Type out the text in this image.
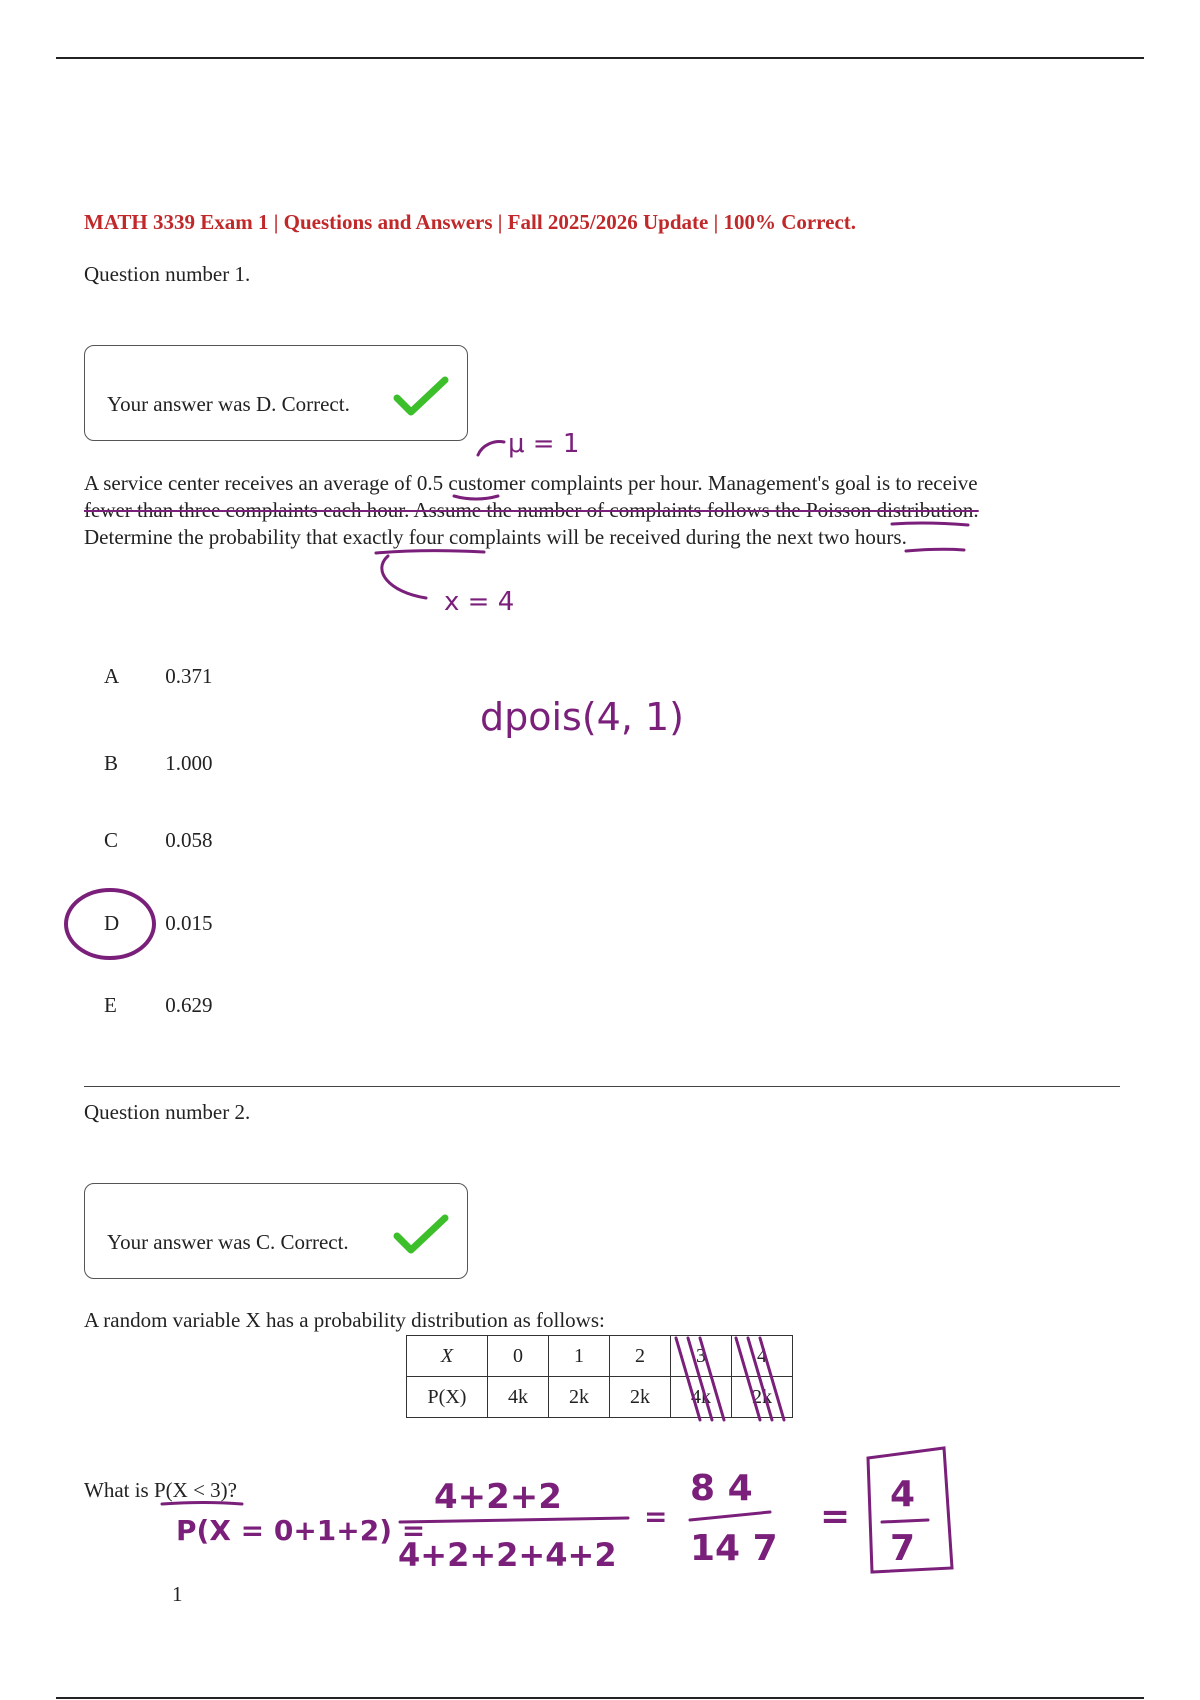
MATH 3339 Exam 1 | Questions and Answers | Fall 2025/2026 Update | 100% Correct.
Question number 1.
Your answer was D. Correct.
A service center receives an average of 0.5 customer complaints per hour. Management's goal is to receive
fewer than three complaints each hour. Assume the number of complaints follows the Poisson distribution.
Determine the probability that exactly four complaints will be received during the next two hours.
A 0.371
B 1.000
C 0.058
D 0.015
E 0.629
Question number 2.
Your answer was C. Correct.
A random variable X has a probability distribution as follows:
X	0	1	2	3	4
P(X)	4k	2k	2k	4k	2k
What is P(X < 3)?
1
μ = 1
x = 4
dpois(4, 1)
P(X = 0+1+2) =
4+2+2
4+2+2+4+2
=
8 4
14 7
=
4
7
